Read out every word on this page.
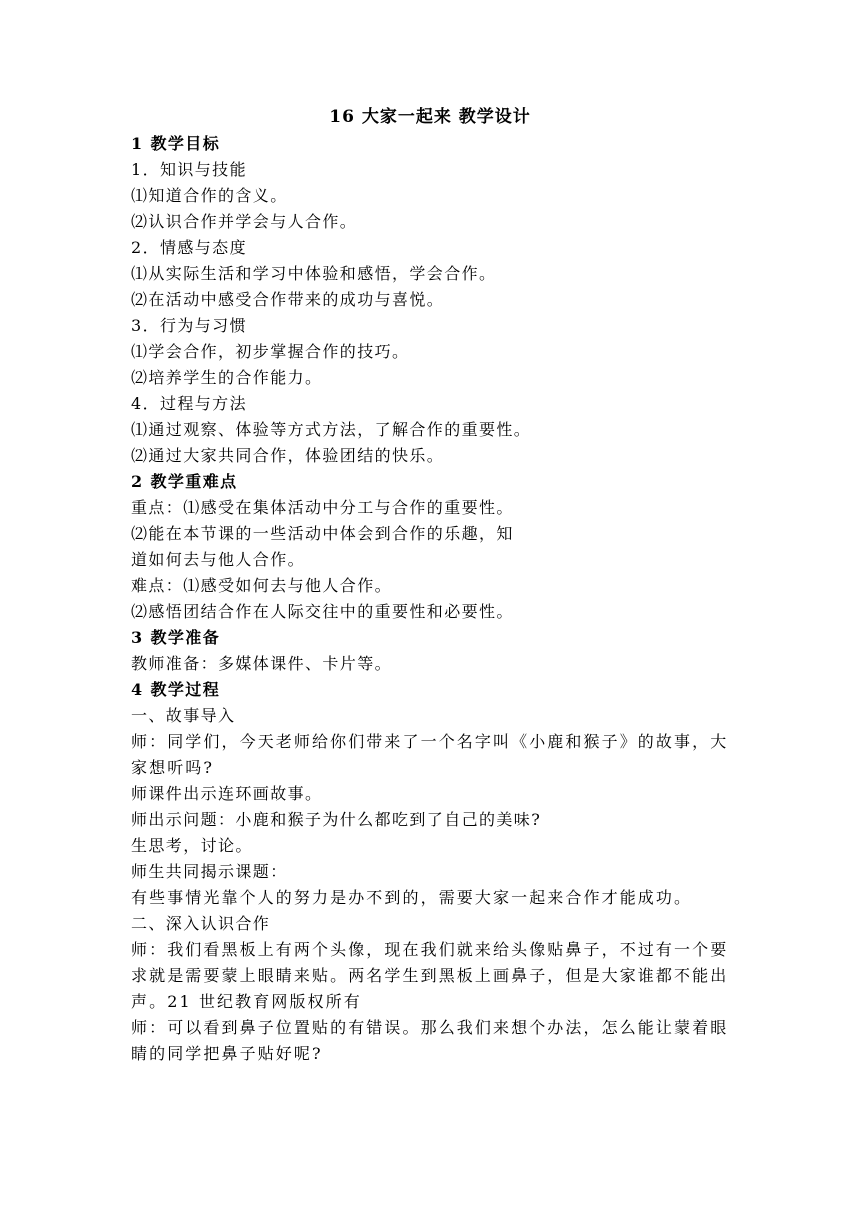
16 大家一起来 教学设计
1 教学目标
1．知识与技能
⑴知道合作的含义。
⑵认识合作并学会与人合作。
2．情感与态度
⑴从实际生活和学习中体验和感悟，学会合作。
⑵在活动中感受合作带来的成功与喜悦。
3．行为与习惯
⑴学会合作，初步掌握合作的技巧。
⑵培养学生的合作能力。
4．过程与方法
⑴通过观察、体验等方式方法，了解合作的重要性。
⑵通过大家共同合作，体验团结的快乐。
2 教学重难点
重点：⑴感受在集体活动中分工与合作的重要性。
⑵能在本节课的一些活动中体会到合作的乐趣，知
道如何去与他人合作。
难点：⑴感受如何去与他人合作。
⑵感悟团结合作在人际交往中的重要性和必要性。
3 教学准备
教师准备：多媒体课件、卡片等。
4 教学过程
一、故事导入
师：同学们，今天老师给你们带来了一个名字叫《小鹿和猴子》的故事，大家想听吗?
师课件出示连环画故事。
师出示问题：小鹿和猴子为什么都吃到了自己的美味?
生思考，讨论。
师生共同揭示课题：
有些事情光靠个人的努力是办不到的，需要大家一起来合作才能成功。
二、深入认识合作
师：我们看黑板上有两个头像，现在我们就来给头像贴鼻子，不过有一个要求就是需要蒙上眼睛来贴。两名学生到黑板上画鼻子，但是大家谁都不能出声。21 世纪教育网版权所有
师：可以看到鼻子位置贴的有错误。那么我们来想个办法，怎么能让蒙着眼睛的同学把鼻子贴好呢?
